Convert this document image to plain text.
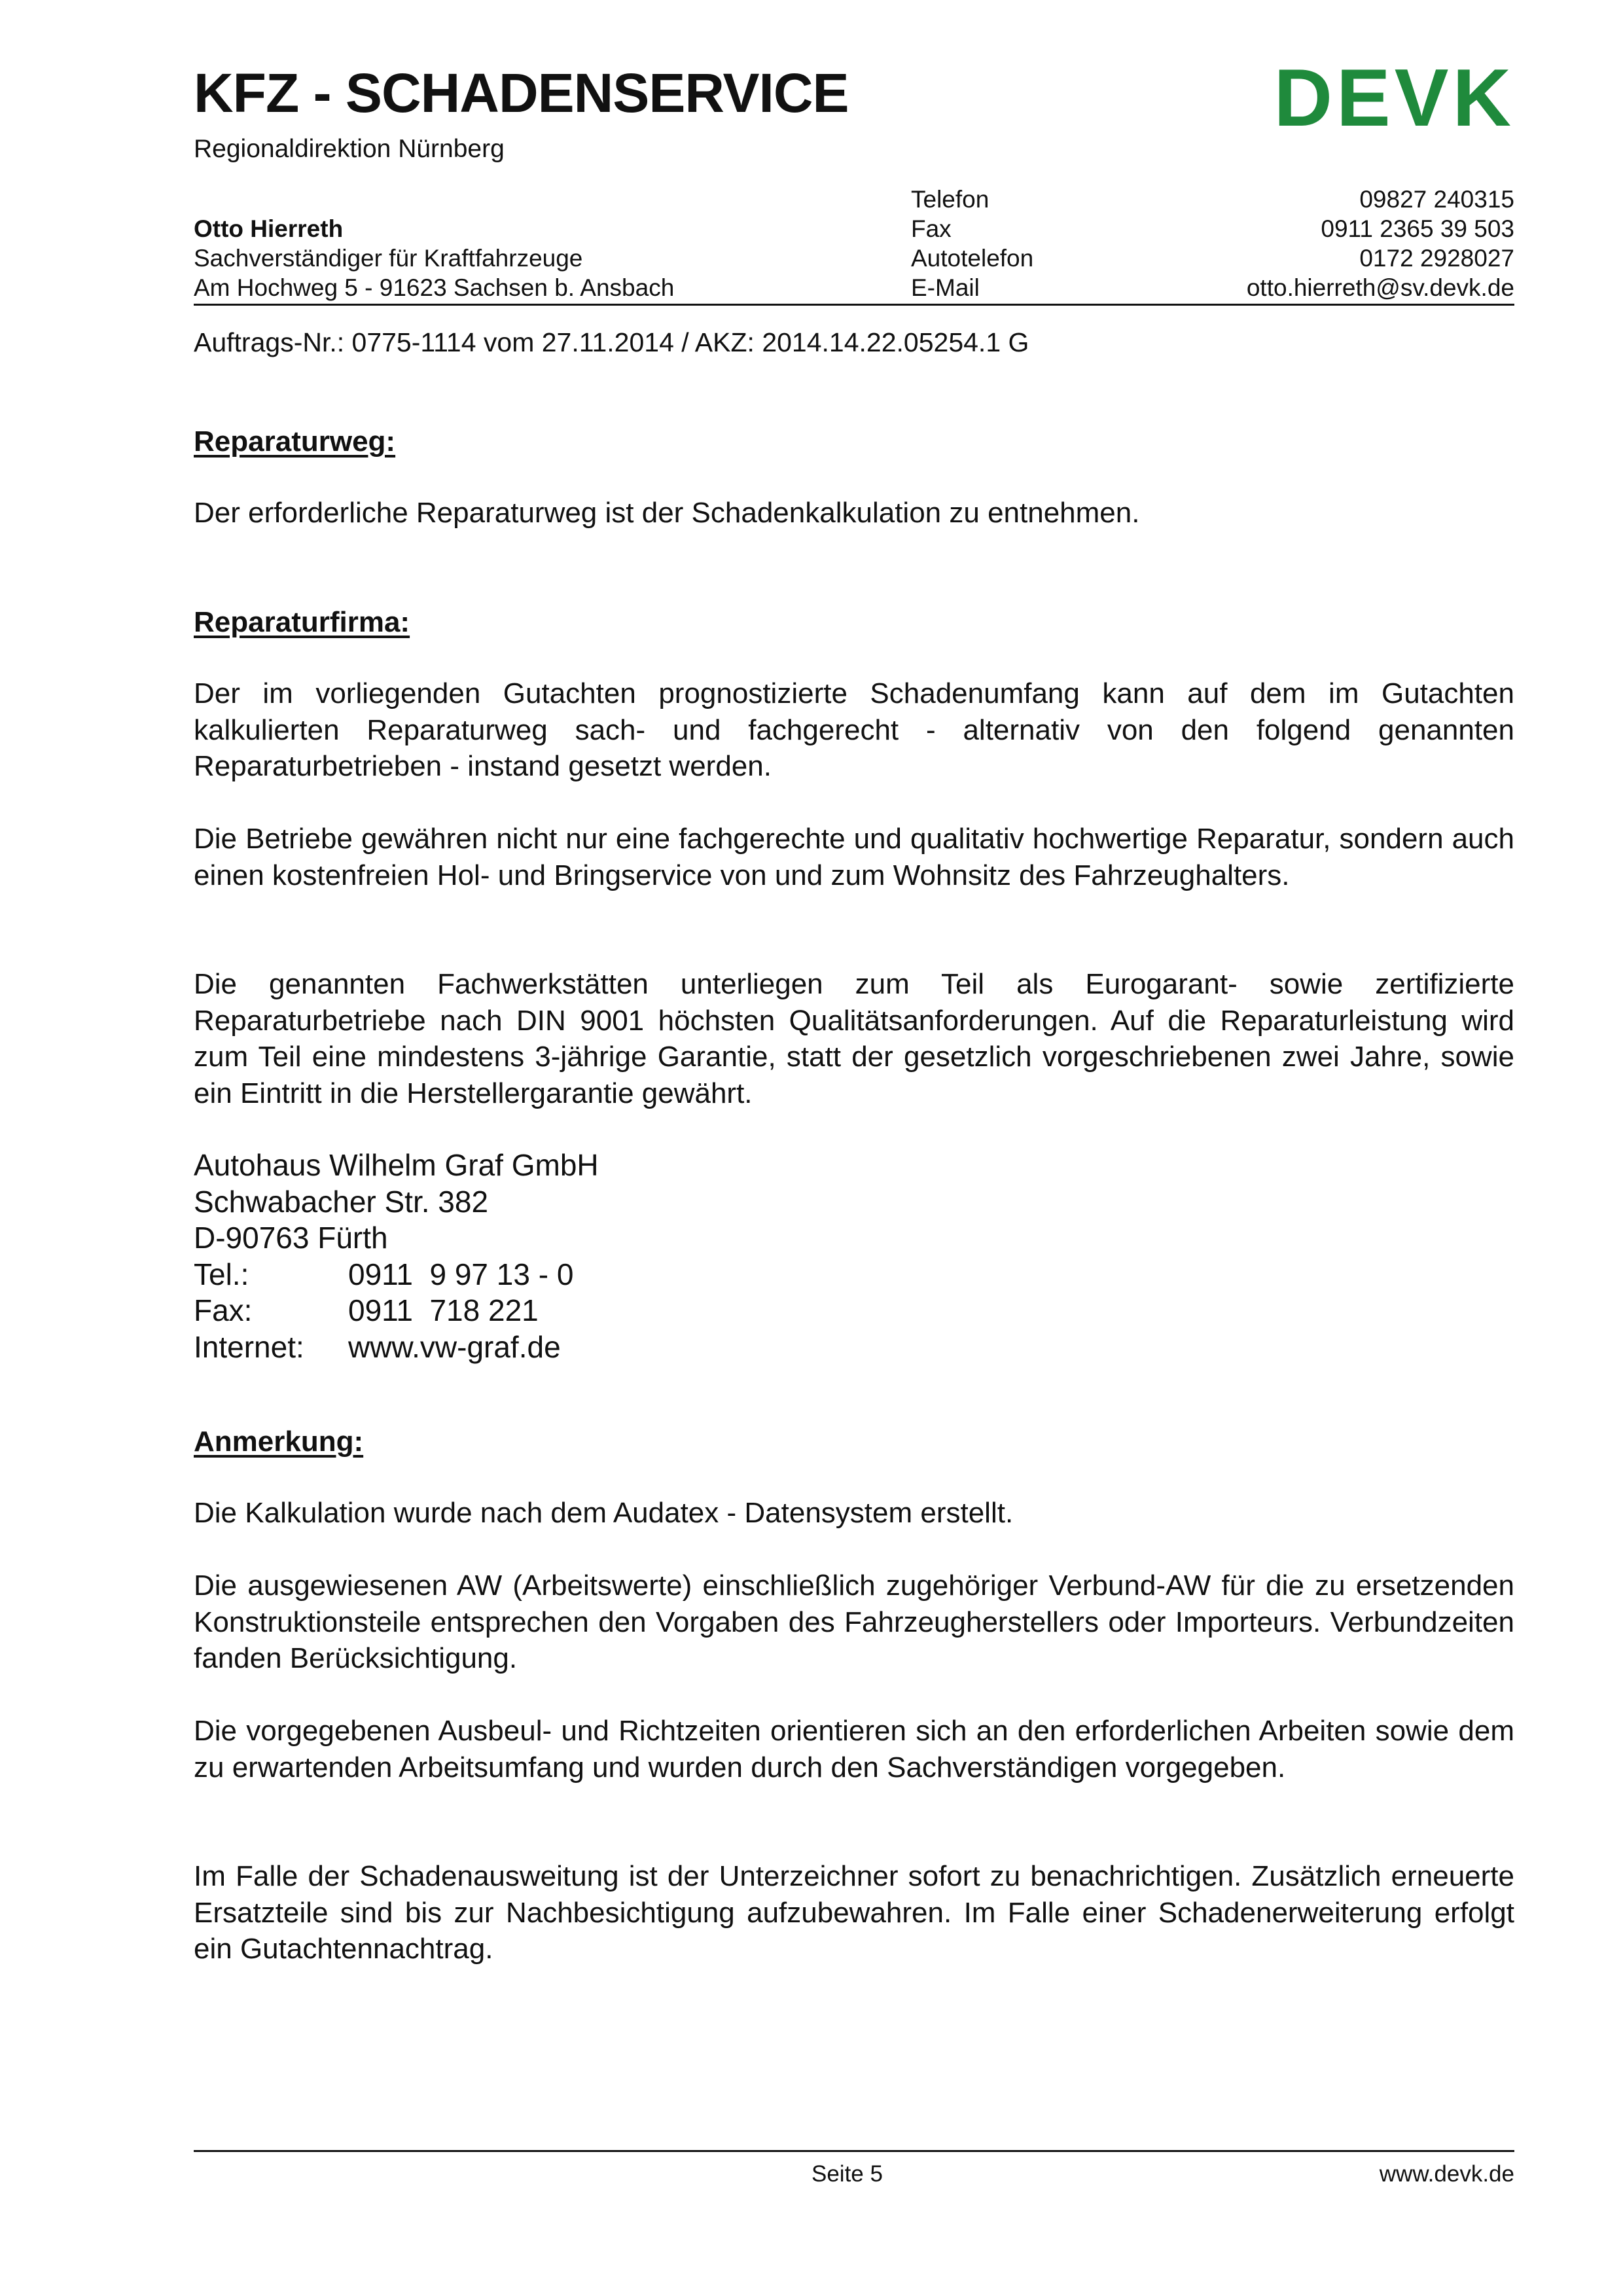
KFZ - SCHADENSERVICE
Regionaldirektion Nürnberg
DEVK
Telefon	09827 240315
Otto Hierreth	Fax	0911 2365 39 503
Sachverständiger für Kraftfahrzeuge	Autotelefon	0172 2928027
Am Hochweg 5 - 91623 Sachsen b. Ansbach	E-Mail	otto.hierreth@sv.devk.de
Auftrags-Nr.: 0775-1114 vom 27.11.2014 / AKZ: 2014.14.22.05254.1 G
Reparaturweg:
Der erforderliche Reparaturweg ist der Schadenkalkulation zu entnehmen.
Reparaturfirma:
Der im vorliegenden Gutachten prognostizierte Schadenumfang kann auf dem im Gutachten kalkulierten Reparaturweg sach- und fachgerecht - alternativ von den folgend genannten Reparaturbetrieben - instand gesetzt werden.
Die Betriebe gewähren nicht nur eine fachgerechte und qualitativ hochwertige Reparatur, sondern auch einen kostenfreien Hol- und Bringservice von und zum Wohnsitz des Fahrzeughalters.
Die genannten Fachwerkstätten unterliegen zum Teil als Eurogarant- sowie zertifizierte Reparaturbetriebe nach DIN 9001 höchsten Qualitätsanforderungen. Auf die Reparaturleistung wird zum Teil eine mindestens 3-jährige Garantie, statt der gesetzlich vorgeschriebenen zwei Jahre, sowie ein Eintritt in die Herstellergarantie gewährt.
Autohaus Wilhelm Graf GmbH
Schwabacher Str. 382
D-90763 Fürth
Tel.:	0911  9 97 13 - 0
Fax:	0911  718 221
Internet: www.vw-graf.de
Anmerkung:
Die Kalkulation wurde nach dem Audatex - Datensystem erstellt.
Die ausgewiesenen AW (Arbeitswerte) einschließlich zugehöriger Verbund-AW für die zu ersetzenden Konstruktionsteile entsprechen den Vorgaben des Fahrzeugherstellers oder Importeurs. Verbundzeiten fanden Berücksichtigung.
Die vorgegebenen Ausbeul- und Richtzeiten orientieren sich an den erforderlichen Arbeiten sowie dem zu erwartenden Arbeitsumfang und wurden durch den Sachverständigen vorgegeben.
Im Falle der Schadenausweitung ist der Unterzeichner sofort zu benachrichtigen. Zusätzlich erneuerte Ersatzteile sind bis zur Nachbesichtigung aufzubewahren. Im Falle einer Schadenerweiterung erfolgt ein Gutachtennachtrag.
Seite 5	www.devk.de
